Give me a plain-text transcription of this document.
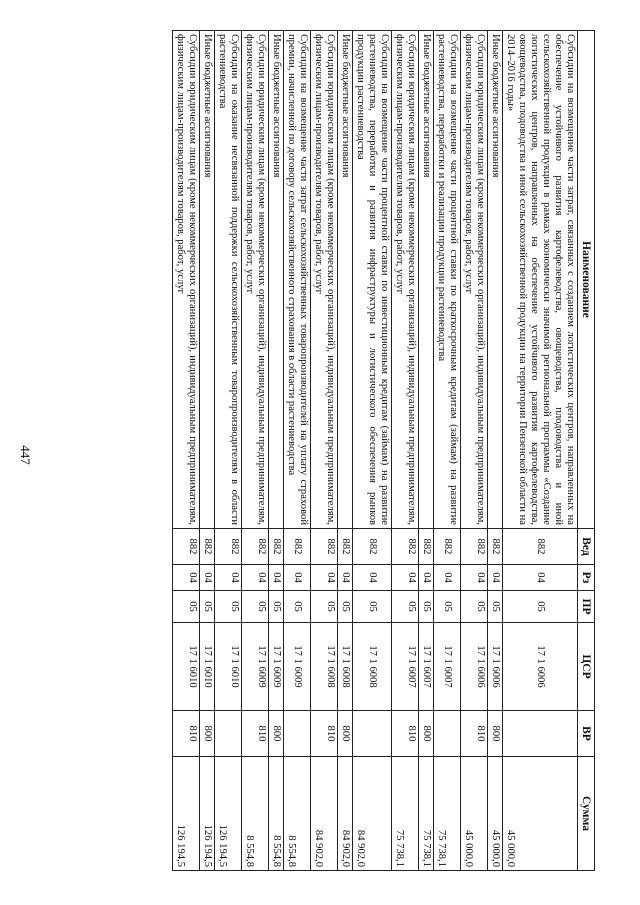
447
Наименование	Вед	Рз	ПР	ЦСР	ВР	Сумма
Субсидии на возмещение части затрат, связанных с созданием логистических центров, направленных на обеспечение устойчивого развития картофелеводства, овощеводства, плодоводства и иной сельскохозяйственной продукции в рамках экономически значимой региональной программы «Создание логистических центров, направленных на обеспечение устойчивого развития картофелеводства, овощеводства, плодоводства и иной сельскохозяйственной продукции на территории Пензенской области на 2014–2016 годы»	882	04	05	17 1 6006		45 000,0
Иные бюджетные ассигнования	882	04	05	17 1 6006	800	45 000,0
Субсидии юридическим лицам (кроме некоммерческих организаций), индивидуальным предпринимателям, физическим лицам-производителям товаров, работ, услуг	882	04	05	17 1 6006	810	45 000,0
Субсидии на возмещение части процентной ставки по краткосрочным кредитам (займам) на развитие растениеводства, переработки и реализации продукции растениеводства	882	04	05	17 1 6007		75 738,1
Иные бюджетные ассигнования	882	04	05	17 1 6007	800	75 738,1
Субсидии юридическим лицам (кроме некоммерческих организаций), индивидуальным предпринимателям, физическим лицам-производителям товаров, работ, услуг	882	04	05	17 1 6007	810	75 738,1
Субсидии на возмещение части процентной ставки по инвестиционным кредитам (займам) на развитие растениеводства, переработки и развития инфраструктуры и логистического обеспечения рынков продукции растениеводства	882	04	05	17 1 6008		84 902,0
Иные бюджетные ассигнования	882	04	05	17 1 6008	800	84 902,0
Субсидии юридическим лицам (кроме некоммерческих организаций), индивидуальным предпринимателям, физическим лицам-производителям товаров, работ, услуг	882	04	05	17 1 6008	810	84 902,0
Субсидии на возмещение части затрат сельскохозяйственных товаропроизводителей на уплату страховой премии, начисленной по договору сельскохозяйственного страхования в области растениеводства	882	04	05	17 1 6009		8 554,8
Иные бюджетные ассигнования	882	04	05	17 1 6009	800	8 554,8
Субсидии юридическим лицам (кроме некоммерческих организаций), индивидуальным предпринимателям, физическим лицам-производителям товаров, работ, услуг	882	04	05	17 1 6009	810	8 554,8
Субсидии на оказание несвязанной поддержки сельскохозяйственным товаропроизводителям в области растениеводства	882	04	05	17 1 6010		126 194,5
Иные бюджетные ассигнования	882	04	05	17 1 6010	800	126 194,5
Субсидии юридическим лицам (кроме некоммерческих организаций), индивидуальным предпринимателям, физическим лицам-производителям товаров, работ, услуг	882	04	05	17 1 6010	810	126 194,5
